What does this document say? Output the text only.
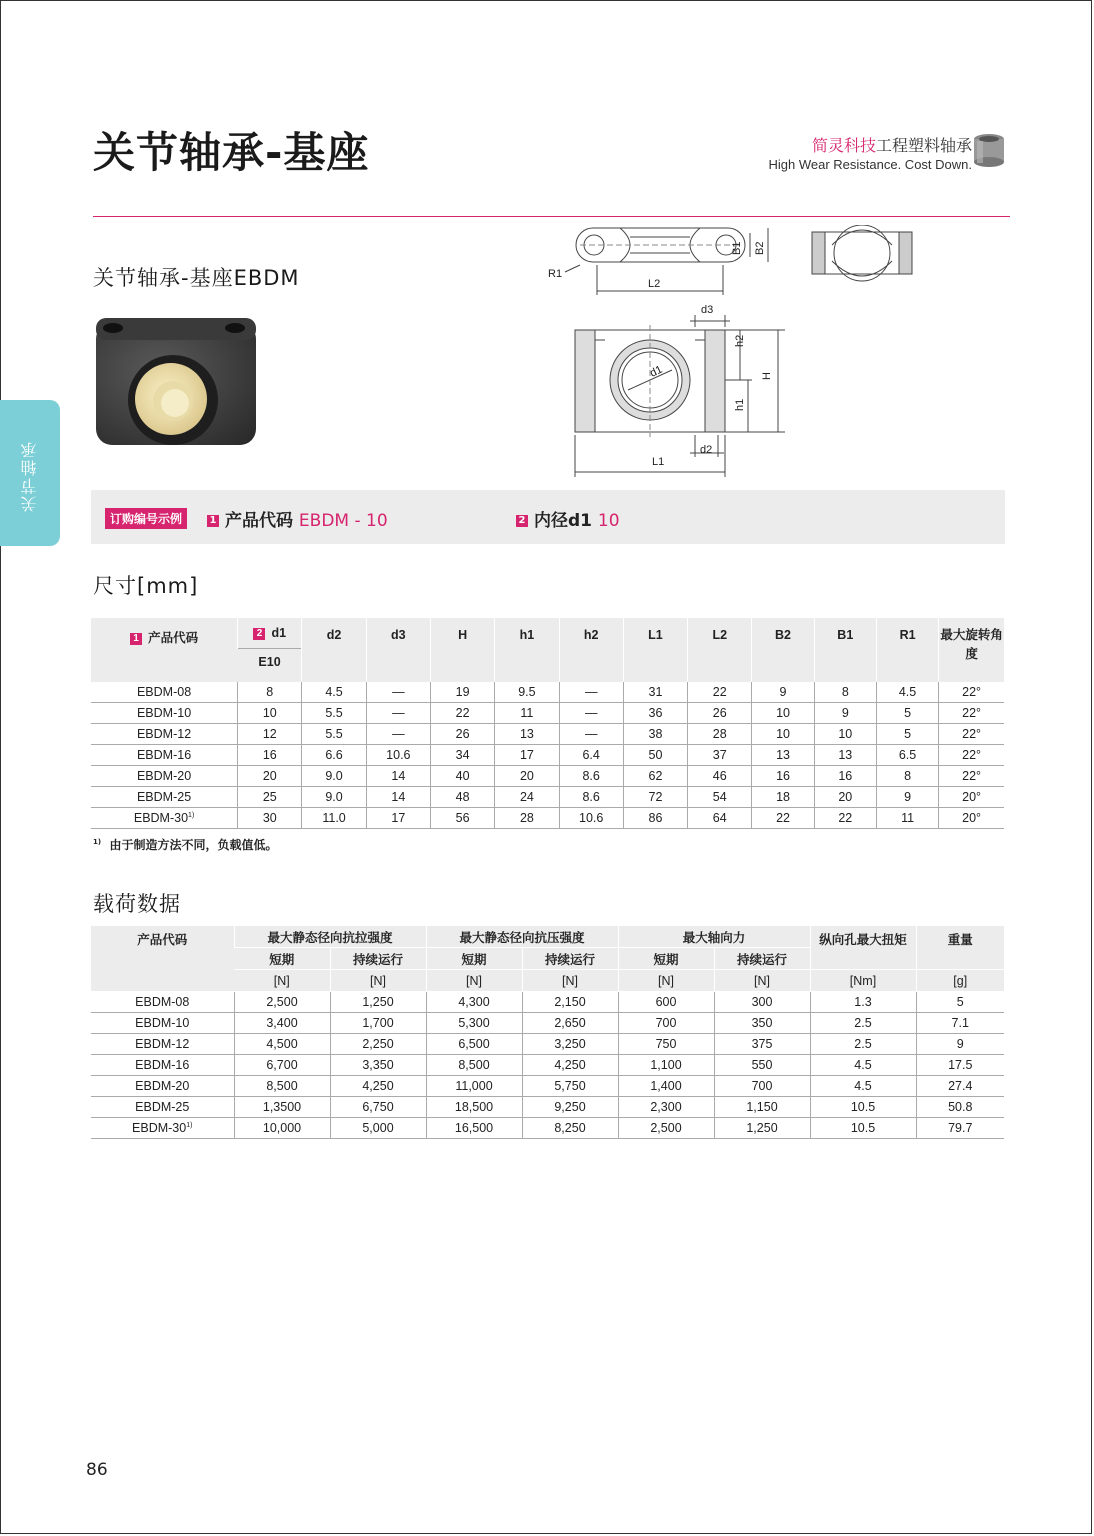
关节轴承-基座	简灵科技工程塑料轴承
High Wear Resistance. Cost Down.
关节轴承
关节轴承-基座EBDM	R1
L2
B1 B2
d3
h2
H
d1
h1
d2
L1
订购编号示例	1 产品代码 EBDM - 10	2 内径d1 10
尺寸[mm]
1 产品代码	2 d1	d2	d3	H	h1	h2	L1	L2	B2	B1	R1	最大旋转角度
	E10											
EBDM-08	8	4.5	—	19	9.5	—	31	22	9	8	4.5	22°
EBDM-10	10	5.5	—	22	11	—	36	26	10	9	5	22°
EBDM-12	12	5.5	—	26	13	—	38	28	10	10	5	22°
EBDM-16	16	6.6	10.6	34	17	6.4	50	37	13	13	6.5	22°
EBDM-20	20	9.0	14	40	20	8.6	62	46	16	16	8	22°
EBDM-25	25	9.0	14	48	24	8.6	72	54	18	20	9	20°
EBDM-30$^{1)}$	30	11.0	17	56	28	10.6	86	64	22	22	11	20°
$^{1)}$ 由于制造方法不同，负载值低。
载荷数据
产品代码	最大静态径向抗拉强度		最大静态径向抗压强度		最大轴向力		纵向孔最大扭矩	重量
	短期	持续运行	短期	持续运行	短期	持续运行		
	[N]	[N]	[N]	[N]	[N]	[N]	[Nm]	[g]
EBDM-08	2,500	1,250	4,300	2,150	600	300	1.3	5
EBDM-10	3,400	1,700	5,300	2,650	700	350	2.5	7.1
EBDM-12	4,500	2,250	6,500	3,250	750	375	2.5	9
EBDM-16	6,700	3,350	8,500	4,250	1,100	550	4.5	17.5
EBDM-20	8,500	4,250	11,000	5,750	1,400	700	4.5	27.4
EBDM-25	1,3500	6,750	18,500	9,250	2,300	1,150	10.5	50.8
EBDM-30$^{1)}$	10,000	5,000	16,500	8,250	2,500	1,250	10.5	79.7
86
